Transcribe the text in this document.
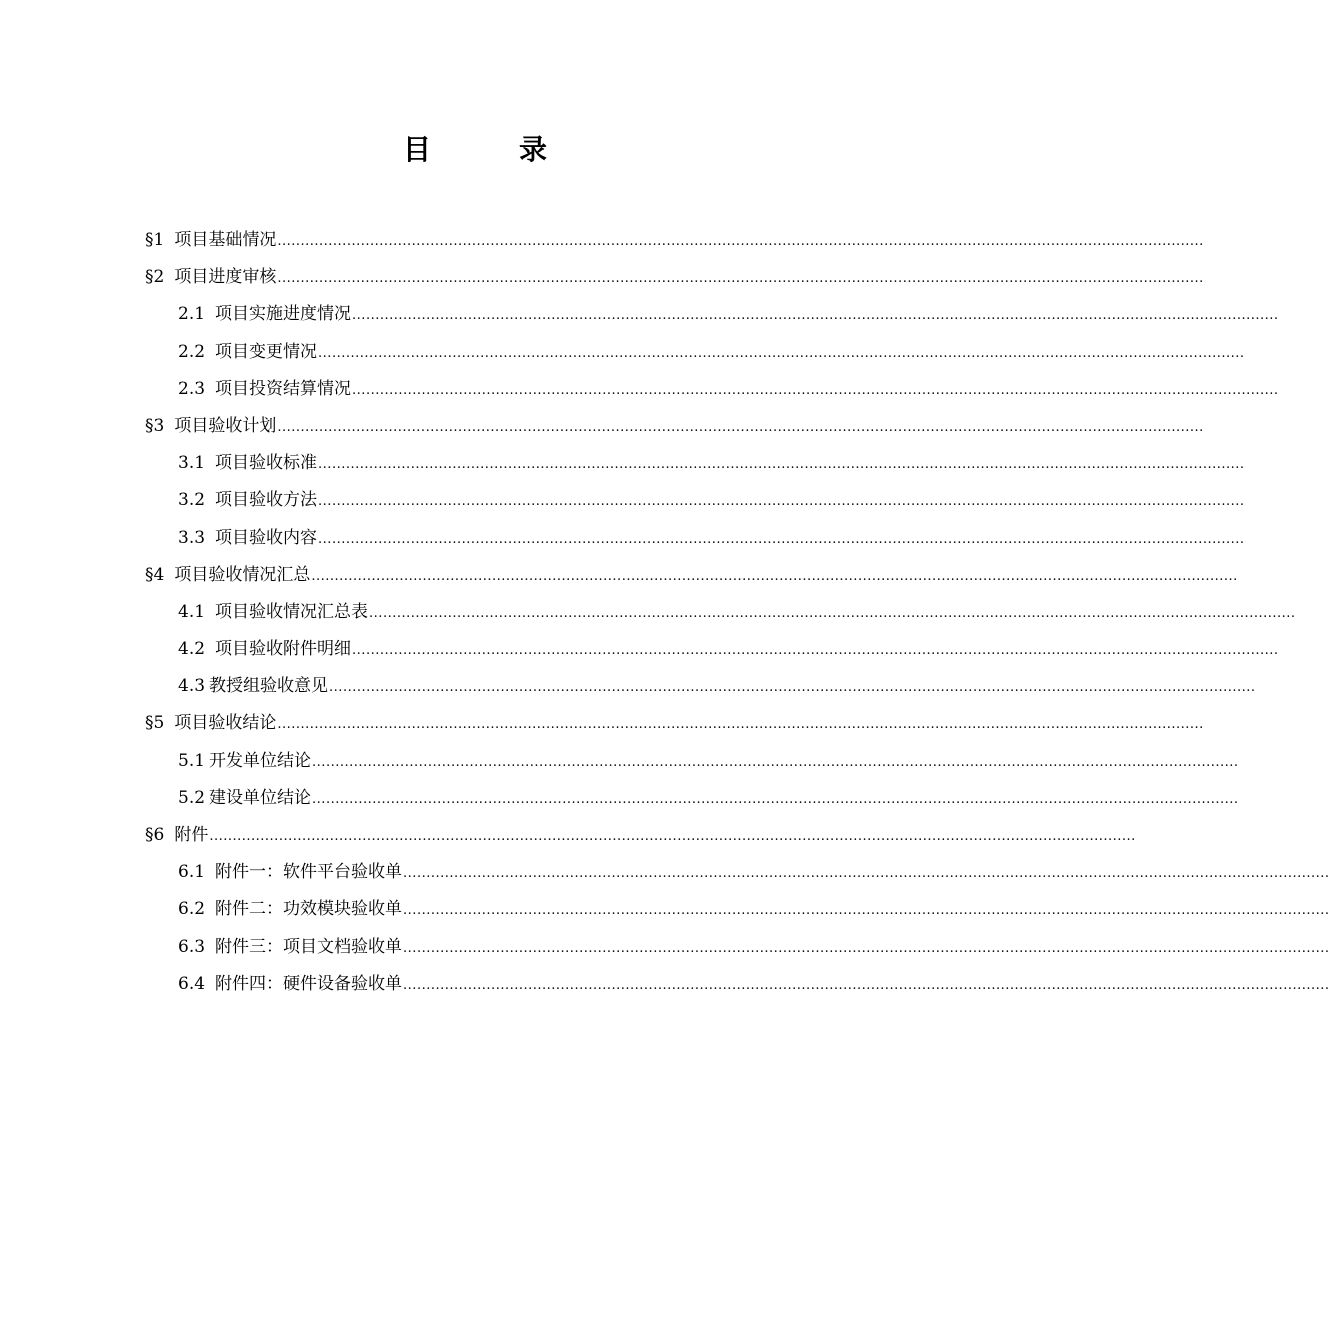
目　录
§1 项目基础情况 ........................................................................................................................................................................................................
§2 项目进度审核 ........................................................................................................................................................................................................
2.1 项目实施进度情况 ........................................................................................................................................................................................................
2.2 项目变更情况 ........................................................................................................................................................................................................
2.3 项目投资结算情况 ........................................................................................................................................................................................................
§3 项目验收计划 ........................................................................................................................................................................................................
3.1 项目验收标准 ........................................................................................................................................................................................................
3.2 项目验收方法 ........................................................................................................................................................................................................
3.3 项目验收内容 ........................................................................................................................................................................................................
§4 项目验收情况汇总 ........................................................................................................................................................................................................
4.1 项目验收情况汇总表 ........................................................................................................................................................................................................
4.2 项目验收附件明细 ........................................................................................................................................................................................................
4.3 教授组验收意见 ........................................................................................................................................................................................................
§5 项目验收结论 ........................................................................................................................................................................................................
5.1 开发单位结论 ........................................................................................................................................................................................................
5.2 建设单位结论 ........................................................................................................................................................................................................
§6 附件 ........................................................................................................................................................................................................
6.1 附件一：软件平台验收单 ........................................................................................................................................................................................................
6.2 附件二：功效模块验收单 ........................................................................................................................................................................................................
6.3 附件三：项目文档验收单 ........................................................................................................................................................................................................
6.4 附件四：硬件设备验收单 ........................................................................................................................................................................................................
